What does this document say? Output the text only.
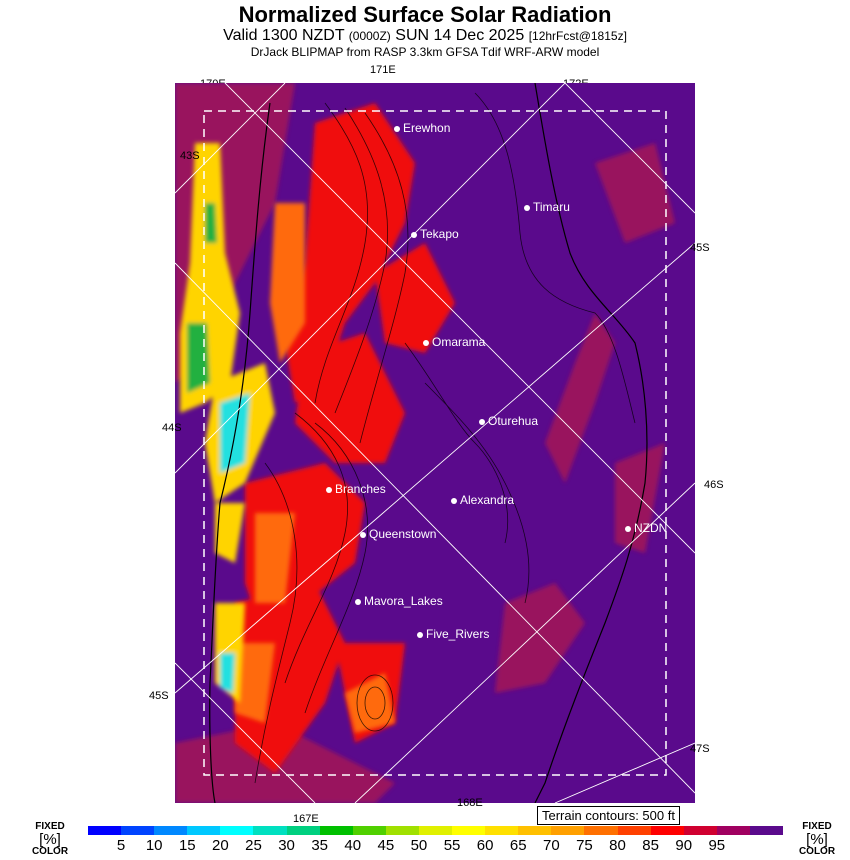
Normalized Surface Solar Radiation
Valid 1300 NZDT (0000Z) SUN 14 Dec 2025 [12hrFcst@1815z]
DrJack BLIPMAP from RASP 3.3km GFSA Tdif WRF-ARW model
171E
43S
44S
45S
45S
46S
47S
167E
168E
Erewhon
Timaru
Tekapo
Omarama
Oturehua
Branches
Alexandra
NZDN
Queenstown
Mavora_Lakes
Five_Rivers
Terrain contours: 500 ft
FIXED
[%]
COLOR
FIXED
[%]
COLOR
5 10 15 20 25 30 35 40 45 50 55 60 65 70 75 80 85 90 95
